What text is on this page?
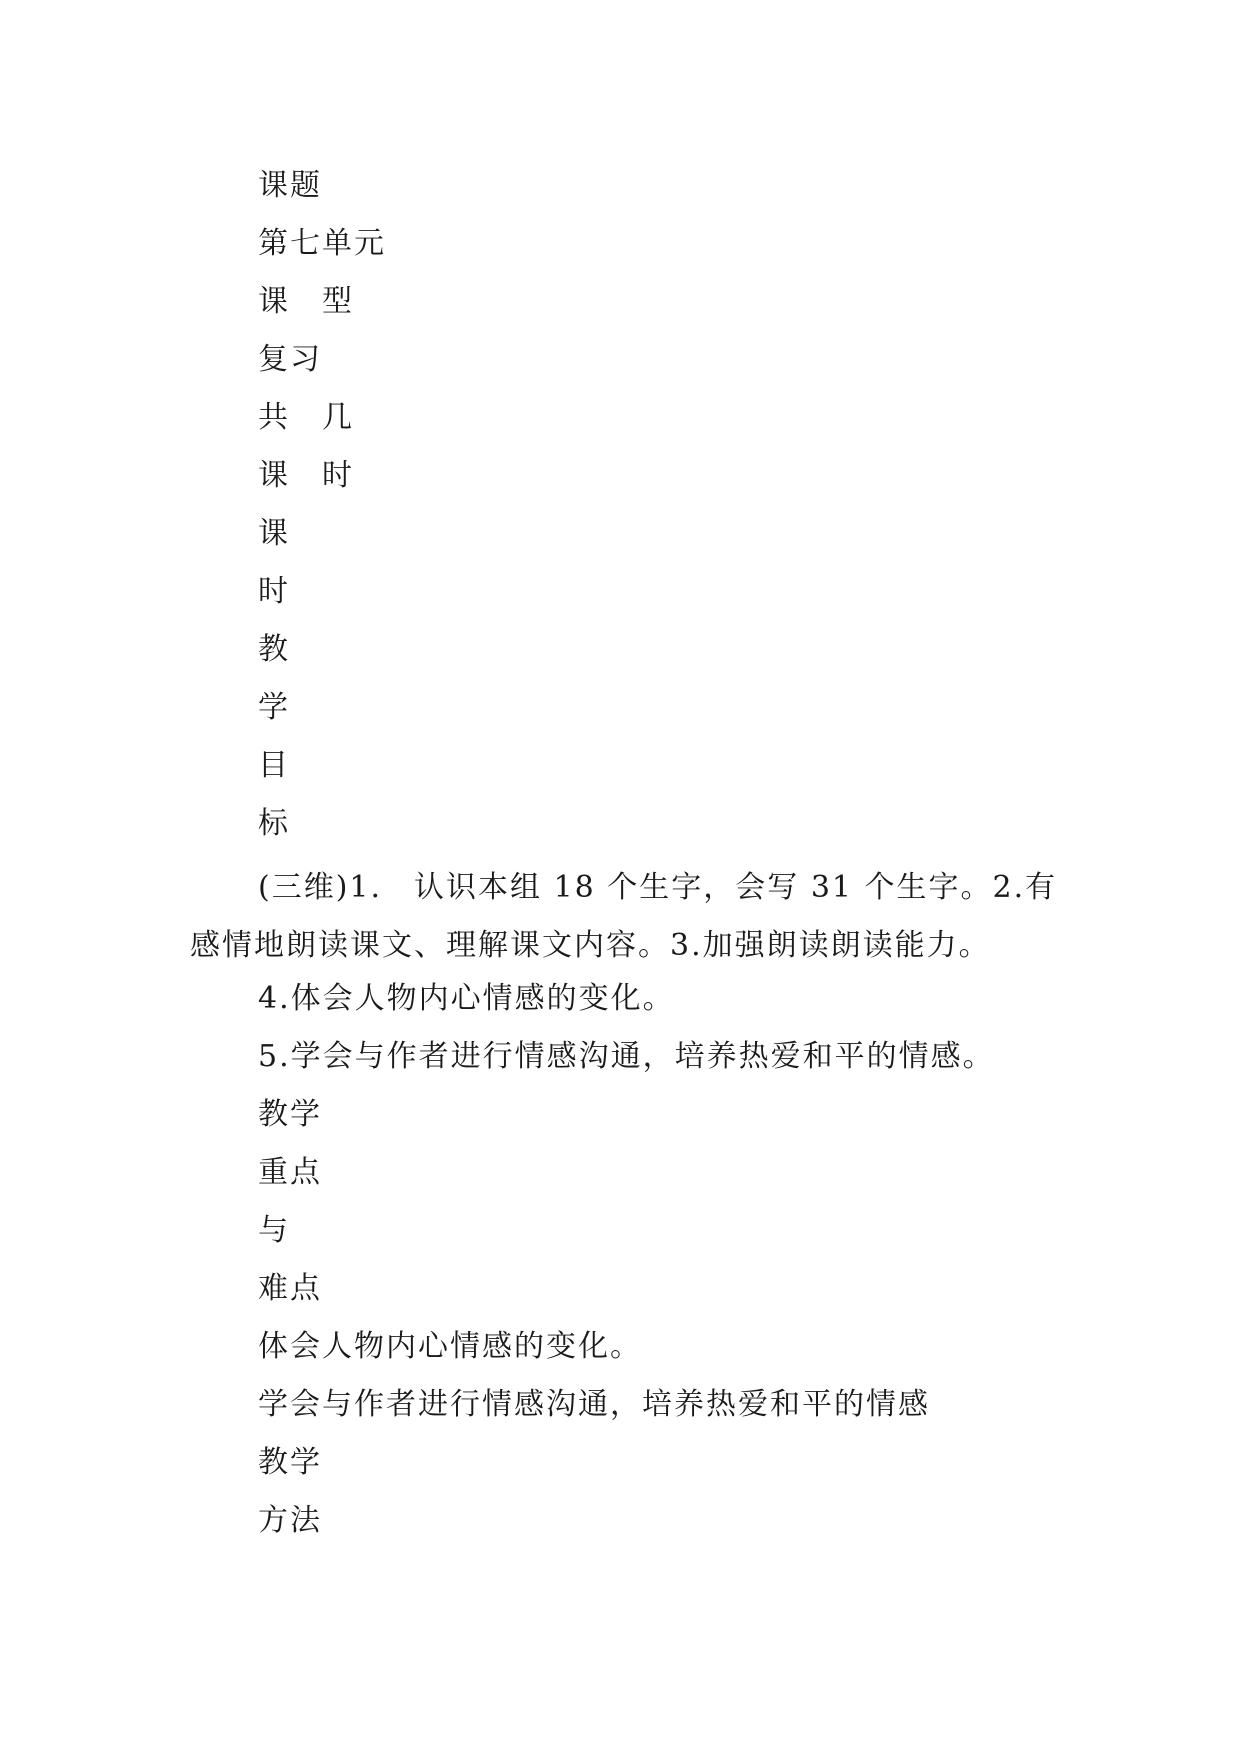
课题
第七单元
课　型
复习
共　几
课　时
课
时
教
学
目
标
(三维)1.　认识本组 18 个生字，会写 31 个生字。2.有感情地朗读课文、理解课文内容。3.加强朗读朗读能力。
4.体会人物内心情感的变化。
5.学会与作者进行情感沟通，培养热爱和平的情感。
教学
重点
与
难点
体会人物内心情感的变化。
学会与作者进行情感沟通，培养热爱和平的情感
教学
方法
